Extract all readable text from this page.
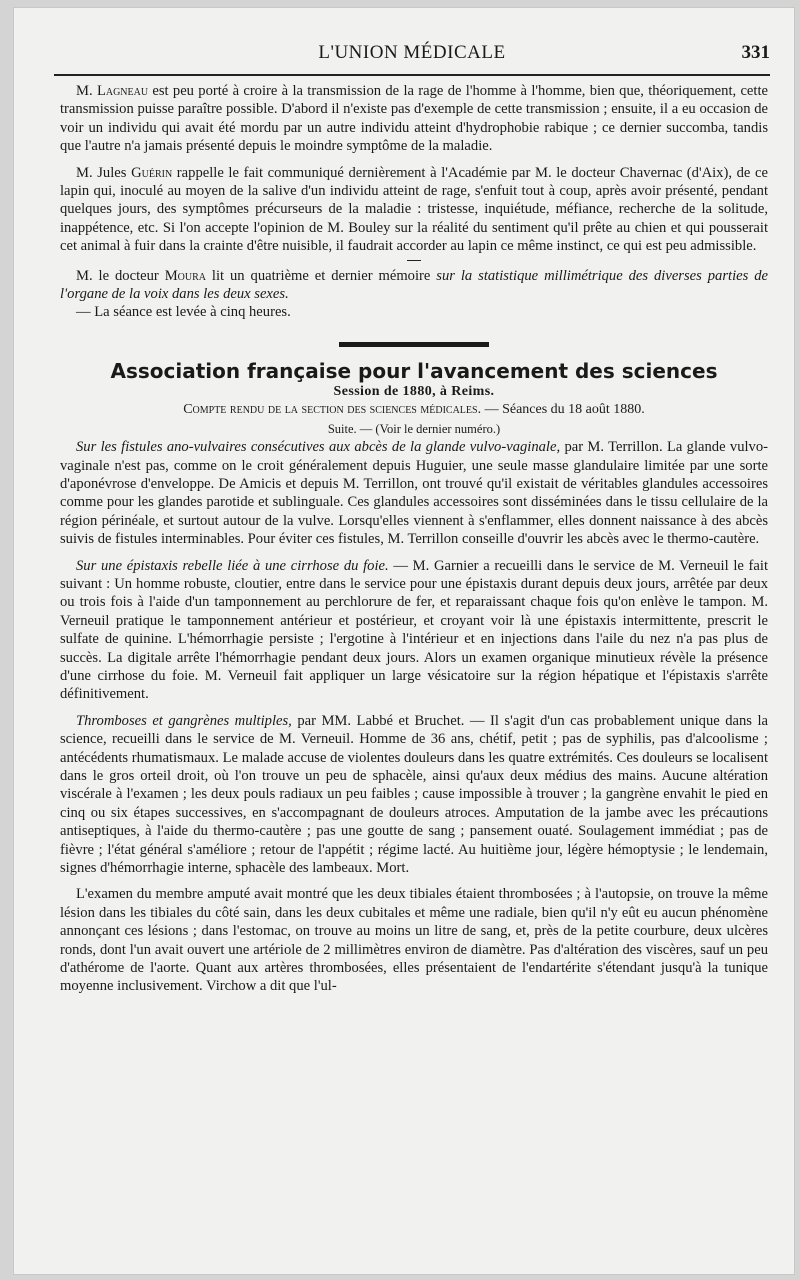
L'UNION MÉDICALE	331

M. Lagneau est peu porté à croire à la transmission de la rage de l'homme à l'homme, bien que, théoriquement, cette transmission puisse paraître possible. D'abord il n'existe pas d'exemple de cette transmission ; ensuite, il a eu occasion de voir un individu qui avait été mordu par un autre individu atteint d'hydrophobie rabique ; ce dernier succomba, tandis que l'autre n'a jamais présenté depuis le moindre symptôme de la maladie.

M. Jules Guérin rappelle le fait communiqué dernièrement à l'Académie par M. le docteur Chavernac (d'Aix), de ce lapin qui, inoculé au moyen de la salive d'un individu atteint de rage, s'enfuit tout à coup, après avoir présenté, pendant quelques jours, des symptômes précurseurs de la maladie : tristesse, inquiétude, méfiance, recherche de la solitude, inappétence, etc. Si l'on accepte l'opinion de M. Bouley sur la réalité du sentiment qu'il prête au chien et qui pousserait cet animal à fuir dans la crainte d'être nuisible, il faudrait accorder au lapin ce même instinct, ce qui est peu admissible.

M. le docteur Moura lit un quatrième et dernier mémoire sur la statistique millimétrique des diverses parties de l'organe de la voix dans les deux sexes.

— La séance est levée à cinq heures.

Association française pour l'avancement des sciences

Session de 1880, à Reims.

Compte rendu de la section des sciences médicales. — Séances du 18 août 1880.

Suite. — (Voir le dernier numéro.)

Sur les fistules ano-vulvaires consécutives aux abcès de la glande vulvo-vaginale, par M. Terrillon. La glande vulvo-vaginale n'est pas, comme on le croit généralement depuis Huguier, une seule masse glandulaire limitée par une sorte d'aponévrose d'enveloppe. De Amicis et depuis M. Terrillon, ont trouvé qu'il existait de véritables glandules accessoires comme pour les glandes parotide et sublinguale. Ces glandules accessoires sont disséminées dans le tissu cellulaire de la région périnéale, et surtout autour de la vulve. Lorsqu'elles viennent à s'enflammer, elles donnent naissance à des abcès suivis de fistules interminables. Pour éviter ces fistules, M. Terrillon conseille d'ouvrir les abcès avec le thermo-cautère.

Sur une épistaxis rebelle liée à une cirrhose du foie. — M. Garnier a recueilli dans le service de M. Verneuil le fait suivant : Un homme robuste, cloutier, entre dans le service pour une épistaxis durant depuis deux jours, arrêtée par deux ou trois fois à l'aide d'un tamponnement au perchlorure de fer, et reparaissant chaque fois qu'on enlève le tampon. M. Verneuil pratique le tamponnement antérieur et postérieur, et croyant voir là une épistaxis intermittente, prescrit le sulfate de quinine. L'hémorrhagie persiste ; l'ergotine à l'intérieur et en injections dans l'aile du nez n'a pas plus de succès. La digitale arrête l'hémorrhagie pendant deux jours. Alors un examen organique minutieux révèle la présence d'une cirrhose du foie. M. Verneuil fait appliquer un large vésicatoire sur la région hépatique et l'épistaxis s'arrête définitivement.

Thromboses et gangrènes multiples, par MM. Labbé et Bruchet. — Il s'agit d'un cas probablement unique dans la science, recueilli dans le service de M. Verneuil. Homme de 36 ans, chétif, petit ; pas de syphilis, pas d'alcoolisme ; antécédents rhumatismaux. Le malade accuse de violentes douleurs dans les quatre extrémités. Ces douleurs se localisent dans le gros orteil droit, où l'on trouve un peu de sphacèle, ainsi qu'aux deux médius des mains. Aucune altération viscérale à l'examen ; les deux pouls radiaux un peu faibles ; cause impossible à trouver ; la gangrène envahit le pied en cinq ou six étapes successives, en s'accompagnant de douleurs atroces. Amputation de la jambe avec les précautions antiseptiques, à l'aide du thermo-cautère ; pas une goutte de sang ; pansement ouaté. Soulagement immédiat ; pas de fièvre ; l'état général s'améliore ; retour de l'appétit ; régime lacté. Au huitième jour, légère hémoptysie ; le lendemain, signes d'hémorrhagie interne, sphacèle des lambeaux. Mort.

L'examen du membre amputé avait montré que les deux tibiales étaient thrombosées ; à l'autopsie, on trouve la même lésion dans les tibiales du côté sain, dans les deux cubitales et même une radiale, bien qu'il n'y eût eu aucun phénomène annonçant ces lésions ; dans l'estomac, on trouve au moins un litre de sang, et, près de la petite courbure, deux ulcères ronds, dont l'un avait ouvert une artériole de 2 millimètres environ de diamètre. Pas d'altération des viscères, sauf un peu d'athérome de l'aorte. Quant aux artères thrombosées, elles présentaient de l'endartérite s'étendant jusqu'à la tunique moyenne inclusivement. Virchow a dit que l'ul-
